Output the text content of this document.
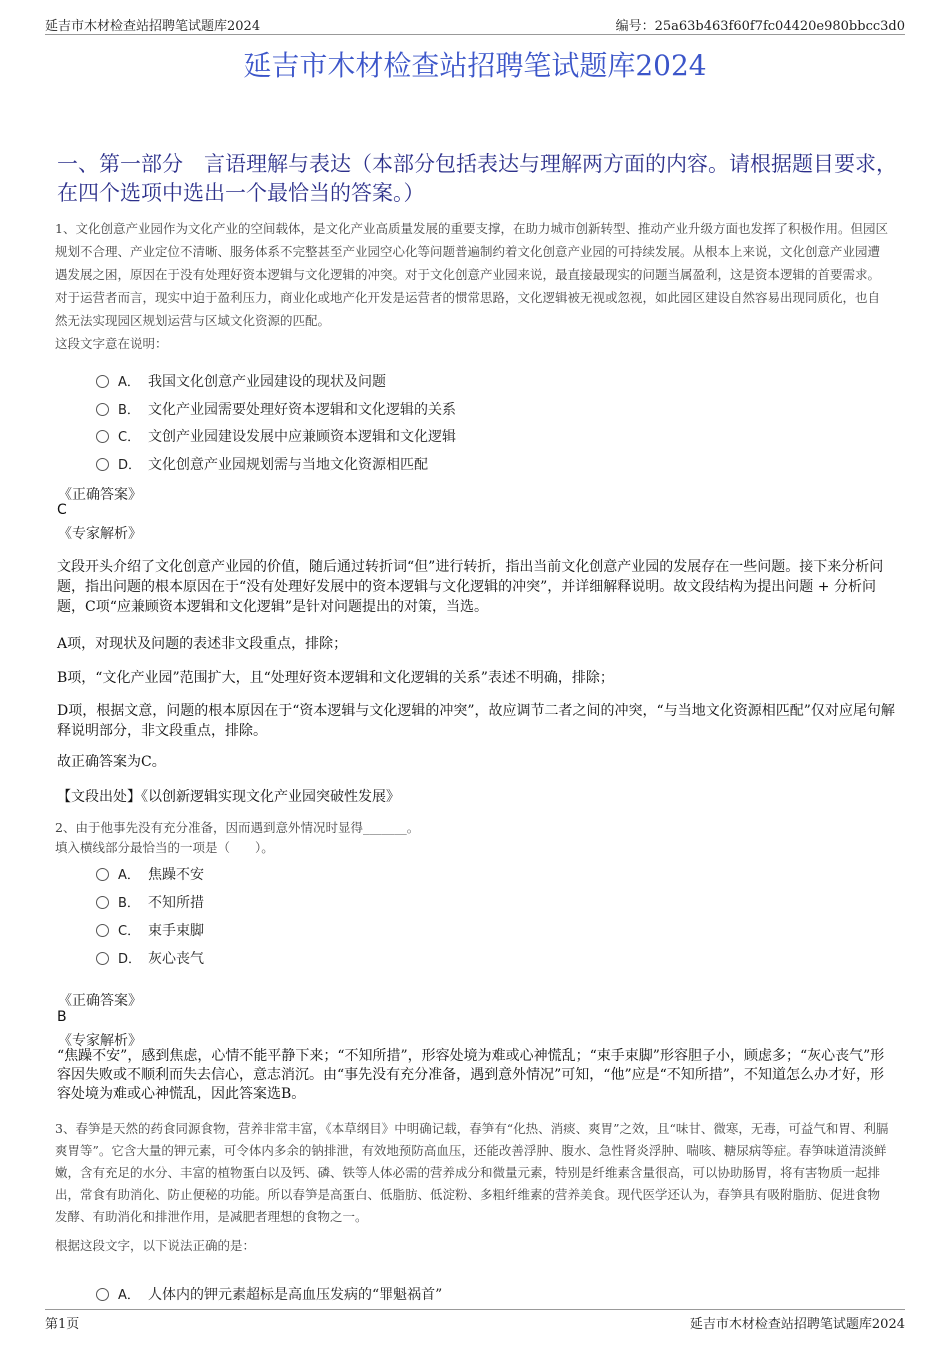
延吉市木材检查站招聘笔试题库2024	编号：25a63b463f60f7fc04420e980bbcc3d0
延吉市木材检查站招聘笔试题库2024
一、第一部分　言语理解与表达（本部分包括表达与理解两方面的内容。请根据题目要求，在四个选项中选出一个最恰当的答案。）
1、文化创意产业园作为文化产业的空间载体，是文化产业高质量发展的重要支撑，在助力城市创新转型、推动产业升级方面也发挥了积极作用。但园区规划不合理、产业定位不清晰、服务体系不完整甚至产业园空心化等问题普遍制约着文化创意产业园的可持续发展。从根本上来说，文化创意产业园遭遇发展之困，原因在于没有处理好资本逻辑与文化逻辑的冲突。对于文化创意产业园来说，最直接最现实的问题当属盈利，这是资本逻辑的首要需求。对于运营者而言，现实中迫于盈利压力，商业化或地产化开发是运营者的惯常思路，文化逻辑被无视或忽视，如此园区建设自然容易出现同质化，也自然无法实现园区规划运营与区域文化资源的匹配。
这段文字意在说明：
A． 我国文化创意产业园建设的现状及问题
B． 文化产业园需要处理好资本逻辑和文化逻辑的关系
C． 文创产业园建设发展中应兼顾资本逻辑和文化逻辑
D． 文化创意产业园规划需与当地文化资源相匹配
《正确答案》
C
《专家解析》
文段开头介绍了文化创意产业园的价值，随后通过转折词“但”进行转折，指出当前文化创意产业园的发展存在一些问题。接下来分析问题，指出问题的根本原因在于“没有处理好发展中的资本逻辑与文化逻辑的冲突”，并详细解释说明。故文段结构为提出问题 + 分析问题，C项“应兼顾资本逻辑和文化逻辑”是针对问题提出的对策，当选。
A项，对现状及问题的表述非文段重点，排除；
B项，“文化产业园”范围扩大，且“处理好资本逻辑和文化逻辑的关系”表述不明确，排除；
D项，根据文意，问题的根本原因在于“资本逻辑与文化逻辑的冲突”，故应调节二者之间的冲突，“与当地文化资源相匹配”仅对应尾句解释说明部分，非文段重点，排除。
故正确答案为C。
【文段出处】《以创新逻辑实现文化产业园突破性发展》
2、由于他事先没有充分准备，因而遇到意外情况时显得_______。
填入横线部分最恰当的一项是（　　）。
A． 焦躁不安
B． 不知所措
C． 束手束脚
D． 灰心丧气
《正确答案》
B
《专家解析》
“焦躁不安”，感到焦虑，心情不能平静下来；“不知所措”，形容处境为难或心神慌乱；“束手束脚”形容胆子小，顾虑多；“灰心丧气”形容因失败或不顺利而失去信心，意志消沉。由“事先没有充分准备，遇到意外情况”可知，“他”应是“不知所措”，不知道怎么办才好，形容处境为难或心神慌乱，因此答案选B。
3、春笋是天然的药食同源食物，营养非常丰富，《本草纲目》中明确记载，春笋有“化热、消痰、爽胃”之效，且“味甘、微寒，无毒，可益气和胃、利膈爽胃等”。它含大量的钾元素，可令体内多余的钠排泄，有效地预防高血压，还能改善浮肿、腹水、急性肾炎浮肿、喘咳、糖尿病等症。春笋味道清淡鲜嫩，含有充足的水分、丰富的植物蛋白以及钙、磷、铁等人体必需的营养成分和微量元素，特别是纤维素含量很高，可以协助肠胃，将有害物质一起排出，常食有助消化、防止便秘的功能。所以春笋是高蛋白、低脂肪、低淀粉、多粗纤维素的营养美食。现代医学还认为，春笋具有吸附脂肪、促进食物发酵、有助消化和排泄作用，是减肥者理想的食物之一。
根据这段文字，以下说法正确的是：
A． 人体内的钾元素超标是高血压发病的“罪魁祸首”
第1页	延吉市木材检查站招聘笔试题库2024
